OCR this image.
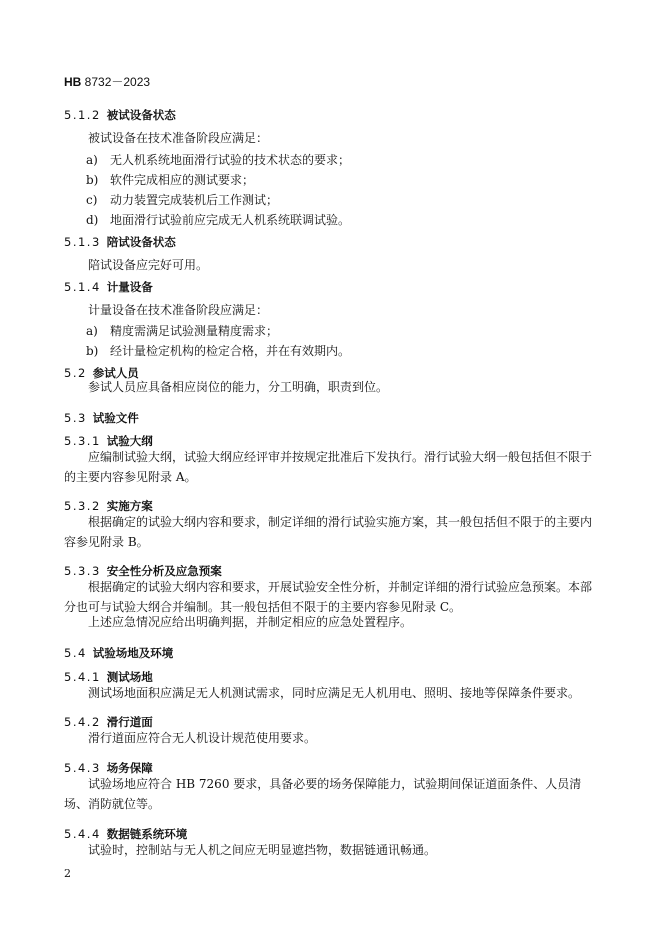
HB 8732－2023
5.1.2 被试设备状态
被试设备在技术准备阶段应满足：
a) 无人机系统地面滑行试验的技术状态的要求；
b) 软件完成相应的测试要求；
c) 动力装置完成装机后工作测试；
d) 地面滑行试验前应完成无人机系统联调试验。
5.1.3 陪试设备状态
陪试设备应完好可用。
5.1.4 计量设备
计量设备在技术准备阶段应满足：
a) 精度需满足试验测量精度需求；
b) 经计量检定机构的检定合格，并在有效期内。
5.2 参试人员
参试人员应具备相应岗位的能力，分工明确，职责到位。
5.3 试验文件
5.3.1 试验大纲
应编制试验大纲，试验大纲应经评审并按规定批准后下发执行。滑行试验大纲一般包括但不限于的主要内容参见附录 A。
5.3.2 实施方案
根据确定的试验大纲内容和要求，制定详细的滑行试验实施方案，其一般包括但不限于的主要内容参见附录 B。
5.3.3 安全性分析及应急预案
根据确定的试验大纲内容和要求，开展试验安全性分析，并制定详细的滑行试验应急预案。本部分也可与试验大纲合并编制。其一般包括但不限于的主要内容参见附录 C。
上述应急情况应给出明确判据，并制定相应的应急处置程序。
5.4 试验场地及环境
5.4.1 测试场地
测试场地面积应满足无人机测试需求，同时应满足无人机用电、照明、接地等保障条件要求。
5.4.2 滑行道面
滑行道面应符合无人机设计规范使用要求。
5.4.3 场务保障
试验场地应符合 HB 7260 要求，具备必要的场务保障能力，试验期间保证道面条件、人员清场、消防就位等。
5.4.4 数据链系统环境
试验时，控制站与无人机之间应无明显遮挡物，数据链通讯畅通。
2
